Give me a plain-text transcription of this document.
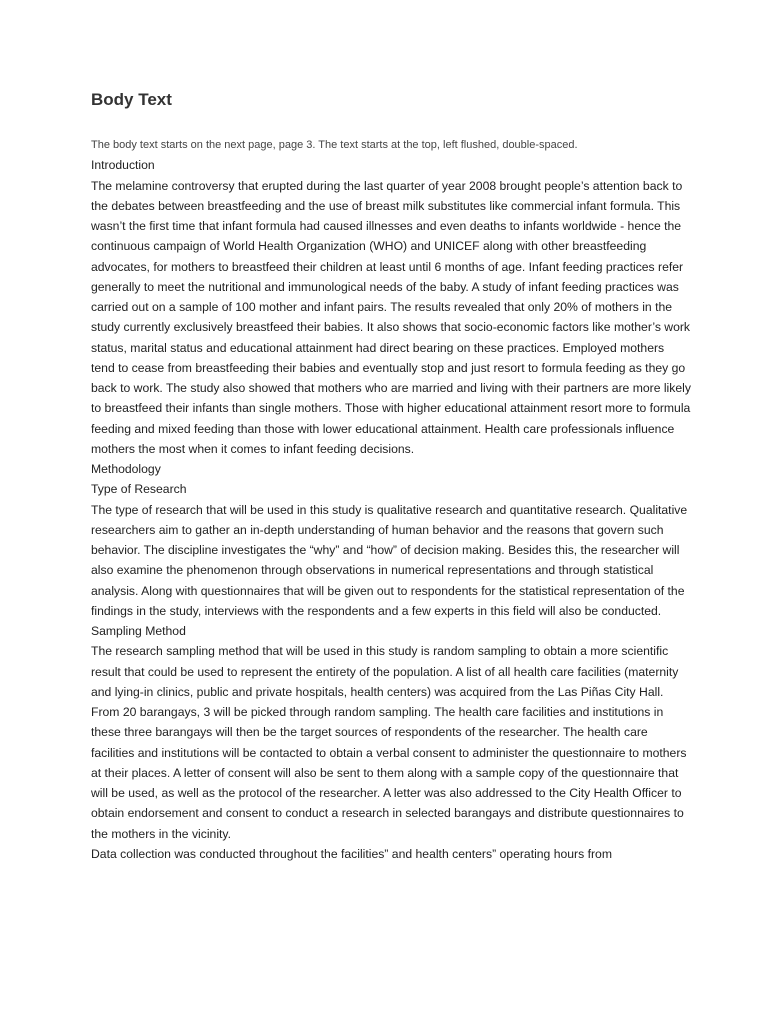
Body Text
The body text starts on the next page, page 3. The text starts at the top, left flushed, double-spaced.
Introduction

The melamine controversy that erupted during the last quarter of year 2008 brought people’s attention back to the debates between breastfeeding and the use of breast milk substitutes like commercial infant formula. This wasn’t the first time that infant formula had caused illnesses and even deaths to infants worldwide - hence the continuous campaign of World Health Organization (WHO) and UNICEF along with other breastfeeding advocates, for mothers to breastfeed their children at least until 6 months of age. Infant feeding practices refer generally to meet the nutritional and immunological needs of the baby. A study of infant feeding practices was carried out on a sample of 100 mother and infant pairs. The results revealed that only 20% of mothers in the study currently exclusively breastfeed their babies. It also shows that socio-economic factors like mother’s work status, marital status and educational attainment had direct bearing on these practices. Employed mothers tend to cease from breastfeeding their babies and eventually stop and just resort to formula feeding as they go back to work. The study also showed that mothers who are married and living with their partners are more likely to breastfeed their infants than single mothers. Those with higher educational attainment resort more to formula feeding and mixed feeding than those with lower educational attainment. Health care professionals influence mothers the most when it comes to infant feeding decisions.

Methodology
Type of Research

The type of research that will be used in this study is qualitative research and quantitative research. Qualitative researchers aim to gather an in-depth understanding of human behavior and the reasons that govern such behavior. The discipline investigates the “why” and “how” of decision making. Besides this, the researcher will also examine the phenomenon through observations in numerical representations and through statistical analysis. Along with questionnaires that will be given out to respondents for the statistical representation of the findings in the study, interviews with the respondents and a few experts in this field will also be conducted.

Sampling Method

The research sampling method that will be used in this study is random sampling to obtain a more scientific result that could be used to represent the entirety of the population. A list of all health care facilities (maternity and lying-in clinics, public and private hospitals, health centers) was acquired from the Las Piñas City Hall.

From 20 barangays, 3 will be picked through random sampling. The health care facilities and institutions in these three barangays will then be the target sources of respondents of the researcher. The health care facilities and institutions will be contacted to obtain a verbal consent to administer the questionnaire to mothers at their places. A letter of consent will also be sent to them along with a sample copy of the questionnaire that will be used, as well as the protocol of the researcher. A letter was also addressed to the City Health Officer to obtain endorsement and consent to conduct a research in selected barangays and distribute questionnaires to the mothers in the vicinity.

Data collection was conducted throughout the facilities” and health centers” operating hours from
